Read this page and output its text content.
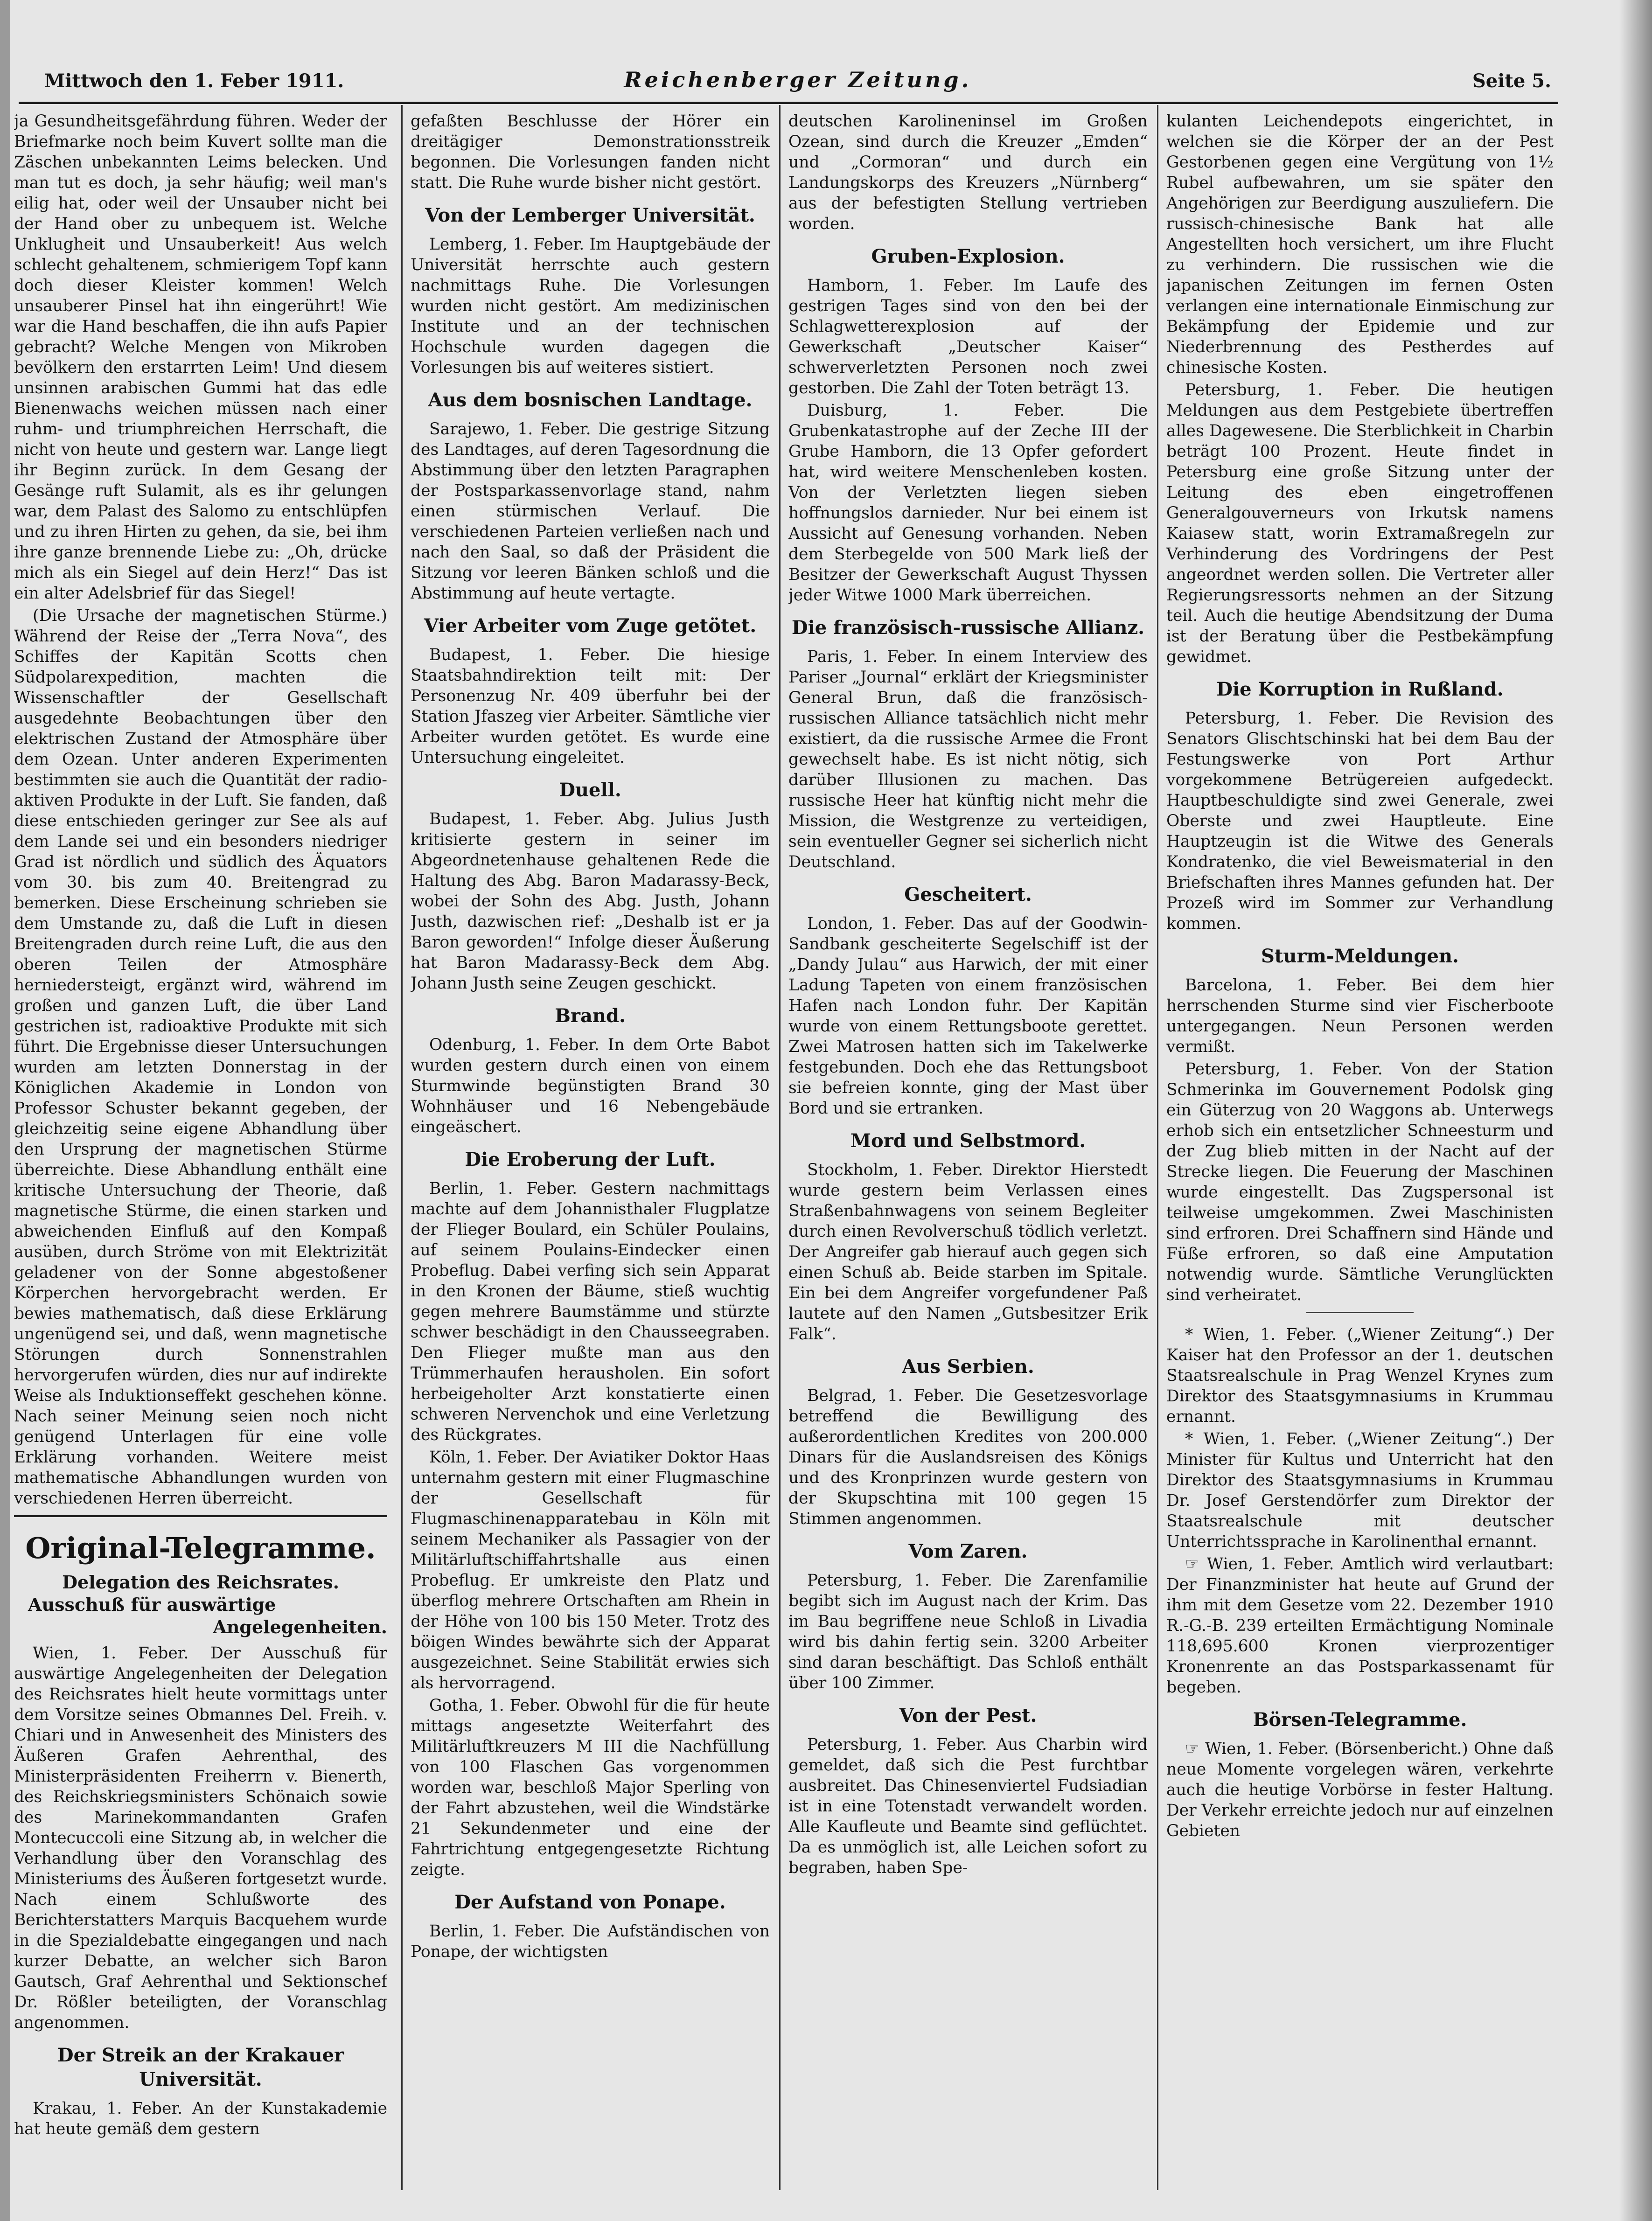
Mittwoch den 1. Feber 1911.	Reichenberger Zeitung.	Seite 5.

ja Gesundheitsgefährdung führen. Weder der Briefmarke noch beim Kuvert sollte man die Zäschen unbekannten Leims belecken. Und man tut es doch, ja sehr häufig; weil man's eilig hat, oder weil der Unsauber nicht bei der Hand ober zu unbequem ist. Welche Unklugheit und Unsauberkeit! Aus welch schlecht gehaltenem, schmierigem Topf kann doch dieser Kleister kommen! Welch unsauberer Pinsel hat ihn eingerührt! Wie war die Hand beschaffen, die ihn aufs Papier gebracht? Welche Mengen von Mikroben bevölkern den erstarrten Leim! Und diesem unsinnen arabischen Gummi hat das edle Bienenwachs weichen müssen nach einer ruhm- und triumphreichen Herrschaft, die nicht von heute und gestern war. Lange liegt ihr Beginn zurück. In dem Gesang der Gesänge ruft Sulamit, als es ihr gelungen war, dem Palast des Salomo zu entschlüpfen und zu ihren Hirten zu gehen, da sie, bei ihm ihre ganze brennende Liebe zu: „Oh, drücke mich als ein Siegel auf dein Herz!“ Das ist ein alter Adelsbrief für das Siegel!

(Die Ursache der magnetischen Stürme.) Während der Reise der „Terra Nova“, des Schiffes der Kapitän Scotts chen Südpolarexpedition, machten die Wissenschaftler der Gesellschaft ausgedehnte Beobachtungen über den elektrischen Zustand der Atmosphäre über dem Ozean. Unter anderen Experimenten bestimmten sie auch die Quantität der radio-aktiven Produkte in der Luft. Sie fanden, daß diese entschieden geringer zur See als auf dem Lande sei und ein besonders niedriger Grad ist nördlich und südlich des Äquators vom 30. bis zum 40. Breitengrad zu bemerken. Diese Erscheinung schrieben sie dem Umstande zu, daß die Luft in diesen Breitengraden durch reine Luft, die aus den oberen Teilen der Atmosphäre herniedersteigt, ergänzt wird, während im großen und ganzen Luft, die über Land gestrichen ist, radioaktive Produkte mit sich führt. Die Ergebnisse dieser Untersuchungen wurden am letzten Donnerstag in der Königlichen Akademie in London von Professor Schuster bekannt gegeben, der gleichzeitig seine eigene Abhandlung über den Ursprung der magnetischen Stürme überreichte. Diese Abhandlung enthält eine kritische Untersuchung der Theorie, daß magnetische Stürme, die einen starken und abweichenden Einfluß auf den Kompaß ausüben, durch Ströme von mit Elektrizität geladener von der Sonne abgestoßener Körperchen hervorgebracht werden. Er bewies mathematisch, daß diese Erklärung ungenügend sei, und daß, wenn magnetische Störungen durch Sonnenstrahlen hervorgerufen würden, dies nur auf indirekte Weise als Induktionseffekt geschehen könne. Nach seiner Meinung seien noch nicht genügend Unterlagen für eine volle Erklärung vorhanden. Weitere meist mathematische Abhandlungen wurden von verschiedenen Herren überreicht.

Original-Telegramme.
Delegation des Reichsrates.
Ausschuß für auswärtige
Angelegenheiten.

Wien, 1. Feber. Der Ausschuß für auswärtige Angelegenheiten der Delegation des Reichsrates hielt heute vormittags unter dem Vorsitze seines Obmannes Del. Freih. v. Chiari und in Anwesenheit des Ministers des Äußeren Grafen Aehrenthal, des Ministerpräsidenten Freiherrn v. Bienerth, des Reichskriegsministers Schönaich sowie des Marinekommandanten Grafen Montecuccoli eine Sitzung ab, in welcher die Verhandlung über den Voranschlag des Ministeriums des Äußeren fortgesetzt wurde. Nach einem Schlußworte des Berichterstatters Marquis Bacquehem wurde in die Spezialdebatte eingegangen und nach kurzer Debatte, an welcher sich Baron Gautsch, Graf Aehrenthal und Sektionschef Dr. Rößler beteiligten, der Voranschlag angenommen.

Der Streik an der Krakauer Universität.

Krakau, 1. Feber. An der Kunstakademie hat heute gemäß dem gestern

gefaßten Beschlusse der Hörer ein dreitägiger Demonstrationsstreik begonnen. Die Vorlesungen fanden nicht statt. Die Ruhe wurde bisher nicht gestört.

Von der Lemberger Universität.

Lemberg, 1. Feber. Im Hauptgebäude der Universität herrschte auch gestern nachmittags Ruhe. Die Vorlesungen wurden nicht gestört. Am medizinischen Institute und an der technischen Hochschule wurden dagegen die Vorlesungen bis auf weiteres sistiert.

Aus dem bosnischen Landtage.

Sarajewo, 1. Feber. Die gestrige Sitzung des Landtages, auf deren Tagesordnung die Abstimmung über den letzten Paragraphen der Postsparkassenvorlage stand, nahm einen stürmischen Verlauf. Die verschiedenen Parteien verließen nach und nach den Saal, so daß der Präsident die Sitzung vor leeren Bänken schloß und die Abstimmung auf heute vertagte.

Vier Arbeiter vom Zuge getötet.

Budapest, 1. Feber. Die hiesige Staatsbahndirektion teilt mit: Der Personenzug Nr. 409 überfuhr bei der Station Jfaszeg vier Arbeiter. Sämtliche vier Arbeiter wurden getötet. Es wurde eine Untersuchung eingeleitet.

Duell.

Budapest, 1. Feber. Abg. Julius Justh kritisierte gestern in seiner im Abgeordnetenhause gehaltenen Rede die Haltung des Abg. Baron Madarassy-Beck, wobei der Sohn des Abg. Justh, Johann Justh, dazwischen rief: „Deshalb ist er ja Baron geworden!“ Infolge dieser Äußerung hat Baron Madarassy-Beck dem Abg. Johann Justh seine Zeugen geschickt.

Brand.

Odenburg, 1. Feber. In dem Orte Babot wurden gestern durch einen von einem Sturmwinde begünstigten Brand 30 Wohnhäuser und 16 Nebengebäude eingeäschert.

Die Eroberung der Luft.

Berlin, 1. Feber. Gestern nachmittags machte auf dem Johannisthaler Flugplatze der Flieger Boulard, ein Schüler Poulains, auf seinem Poulains-Eindecker einen Probeflug. Dabei verfing sich sein Apparat in den Kronen der Bäume, stieß wuchtig gegen mehrere Baumstämme und stürzte schwer beschädigt in den Chausseegraben. Den Flieger mußte man aus den Trümmerhaufen herausholen. Ein sofort herbeigeholter Arzt konstatierte einen schweren Nervenchok und eine Verletzung des Rückgrates.

Köln, 1. Feber. Der Aviatiker Doktor Haas unternahm gestern mit einer Flugmaschine der Gesellschaft für Flugmaschinenapparatebau in Köln mit seinem Mechaniker als Passagier von der Militärluftschiffahrtshalle aus einen Probeflug. Er umkreiste den Platz und überflog mehrere Ortschaften am Rhein in der Höhe von 100 bis 150 Meter. Trotz des böigen Windes bewährte sich der Apparat ausgezeichnet. Seine Stabilität erwies sich als hervorragend.

Gotha, 1. Feber. Obwohl für die für heute mittags angesetzte Weiterfahrt des Militärluftkreuzers M III die Nachfüllung von 100 Flaschen Gas vorgenommen worden war, beschloß Major Sperling von der Fahrt abzustehen, weil die Windstärke 21 Sekundenmeter und eine der Fahrtrichtung entgegengesetzte Richtung zeigte.

Der Aufstand von Ponape.

Berlin, 1. Feber. Die Aufständischen von Ponape, der wichtigsten

deutschen Karolineninsel im Großen Ozean, sind durch die Kreuzer „Emden“ und „Cormoran“ und durch ein Landungskorps des Kreuzers „Nürnberg“ aus der befestigten Stellung vertrieben worden.

Gruben-Explosion.

Hamborn, 1. Feber. Im Laufe des gestrigen Tages sind von den bei der Schlagwetterexplosion auf der Gewerkschaft „Deutscher Kaiser“ schwerverletzten Personen noch zwei gestorben. Die Zahl der Toten beträgt 13.

Duisburg, 1. Feber. Die Grubenkatastrophe auf der Zeche III der Grube Hamborn, die 13 Opfer gefordert hat, wird weitere Menschenleben kosten. Von der Verletzten liegen sieben hoffnungslos darnieder. Nur bei einem ist Aussicht auf Genesung vorhanden. Neben dem Sterbegelde von 500 Mark ließ der Besitzer der Gewerkschaft August Thyssen jeder Witwe 1000 Mark überreichen.

Die französisch-russische Allianz.

Paris, 1. Feber. In einem Interview des Pariser „Journal“ erklärt der Kriegsminister General Brun, daß die französisch-russischen Alliance tatsächlich nicht mehr existiert, da die russische Armee die Front gewechselt habe. Es ist nicht nötig, sich darüber Illusionen zu machen. Das russische Heer hat künftig nicht mehr die Mission, die Westgrenze zu verteidigen, sein eventueller Gegner sei sicherlich nicht Deutschland.

Gescheitert.

London, 1. Feber. Das auf der Goodwin-Sandbank gescheiterte Segelschiff ist der „Dandy Julau“ aus Harwich, der mit einer Ladung Tapeten von einem französischen Hafen nach London fuhr. Der Kapitän wurde von einem Rettungsboote gerettet. Zwei Matrosen hatten sich im Takelwerke festgebunden. Doch ehe das Rettungsboot sie befreien konnte, ging der Mast über Bord und sie ertranken.

Mord und Selbstmord.

Stockholm, 1. Feber. Direktor Hierstedt wurde gestern beim Verlassen eines Straßenbahnwagens von seinem Begleiter durch einen Revolverschuß tödlich verletzt. Der Angreifer gab hierauf auch gegen sich einen Schuß ab. Beide starben im Spitale. Ein bei dem Angreifer vorgefundener Paß lautete auf den Namen „Gutsbesitzer Erik Falk“.

Aus Serbien.

Belgrad, 1. Feber. Die Gesetzesvorlage betreffend die Bewilligung des außerordentlichen Kredites von 200.000 Dinars für die Auslandsreisen des Königs und des Kronprinzen wurde gestern von der Skupschtina mit 100 gegen 15 Stimmen angenommen.

Vom Zaren.

Petersburg, 1. Feber. Die Zarenfamilie begibt sich im August nach der Krim. Das im Bau begriffene neue Schloß in Livadia wird bis dahin fertig sein. 3200 Arbeiter sind daran beschäftigt. Das Schloß enthält über 100 Zimmer.

Von der Pest.

Petersburg, 1. Feber. Aus Charbin wird gemeldet, daß sich die Pest furchtbar ausbreitet. Das Chinesenviertel Fudsiadian ist in eine Totenstadt verwandelt worden. Alle Kaufleute und Beamte sind geflüchtet. Da es unmöglich ist, alle Leichen sofort zu begraben, haben Spe-

kulanten Leichendepots eingerichtet, in welchen sie die Körper der an der Pest Gestorbenen gegen eine Vergütung von 1½ Rubel aufbewahren, um sie später den Angehörigen zur Beerdigung auszuliefern. Die russisch-chinesische Bank hat alle Angestellten hoch versichert, um ihre Flucht zu verhindern. Die russischen wie die japanischen Zeitungen im fernen Osten verlangen eine internationale Einmischung zur Bekämpfung der Epidemie und zur Niederbrennung des Pestherdes auf chinesische Kosten.

Petersburg, 1. Feber. Die heutigen Meldungen aus dem Pestgebiete übertreffen alles Dagewesene. Die Sterblichkeit in Charbin beträgt 100 Prozent. Heute findet in Petersburg eine große Sitzung unter der Leitung des eben eingetroffenen Generalgouverneurs von Irkutsk namens Kaiasew statt, worin Extramaßregeln zur Verhinderung des Vordringens der Pest angeordnet werden sollen. Die Vertreter aller Regierungsressorts nehmen an der Sitzung teil. Auch die heutige Abendsitzung der Duma ist der Beratung über die Pestbekämpfung gewidmet.

Die Korruption in Rußland.

Petersburg, 1. Feber. Die Revision des Senators Glischtschinski hat bei dem Bau der Festungswerke von Port Arthur vorgekommene Betrügereien aufgedeckt. Hauptbeschuldigte sind zwei Generale, zwei Oberste und zwei Hauptleute. Eine Hauptzeugin ist die Witwe des Generals Kondratenko, die viel Beweismaterial in den Briefschaften ihres Mannes gefunden hat. Der Prozeß wird im Sommer zur Verhandlung kommen.

Sturm-Meldungen.

Barcelona, 1. Feber. Bei dem hier herrschenden Sturme sind vier Fischerboote untergegangen. Neun Personen werden vermißt.

Petersburg, 1. Feber. Von der Station Schmerinka im Gouvernement Podolsk ging ein Güterzug von 20 Waggons ab. Unterwegs erhob sich ein entsetzlicher Schneesturm und der Zug blieb mitten in der Nacht auf der Strecke liegen. Die Feuerung der Maschinen wurde eingestellt. Das Zugspersonal ist teilweise umgekommen. Zwei Maschinisten sind erfroren. Drei Schaffnern sind Hände und Füße erfroren, so daß eine Amputation notwendig wurde. Sämtliche Verunglückten sind verheiratet.

* Wien, 1. Feber. („Wiener Zeitung“.) Der Kaiser hat den Professor an der 1. deutschen Staatsrealschule in Prag Wenzel Krynes zum Direktor des Staatsgymnasiums in Krummau ernannt.

* Wien, 1. Feber. („Wiener Zeitung“.) Der Minister für Kultus und Unterricht hat den Direktor des Staatsgymnasiums in Krummau Dr. Josef Gerstendörfer zum Direktor der Staatsrealschule mit deutscher Unterrichtssprache in Karolinenthal ernannt.

☞ Wien, 1. Feber. Amtlich wird verlautbart: Der Finanzminister hat heute auf Grund der ihm mit dem Gesetze vom 22. Dezember 1910 R.-G.-B. 239 erteilten Ermächtigung Nominale 118,695.600 Kronen vierprozentiger Kronenrente an das Postsparkassenamt für begeben.

Börsen-Telegramme.

☞ Wien, 1. Feber. (Börsenbericht.) Ohne daß neue Momente vorgelegen wären, verkehrte auch die heutige Vorbörse in fester Haltung. Der Verkehr erreichte jedoch nur auf einzelnen Gebieten
